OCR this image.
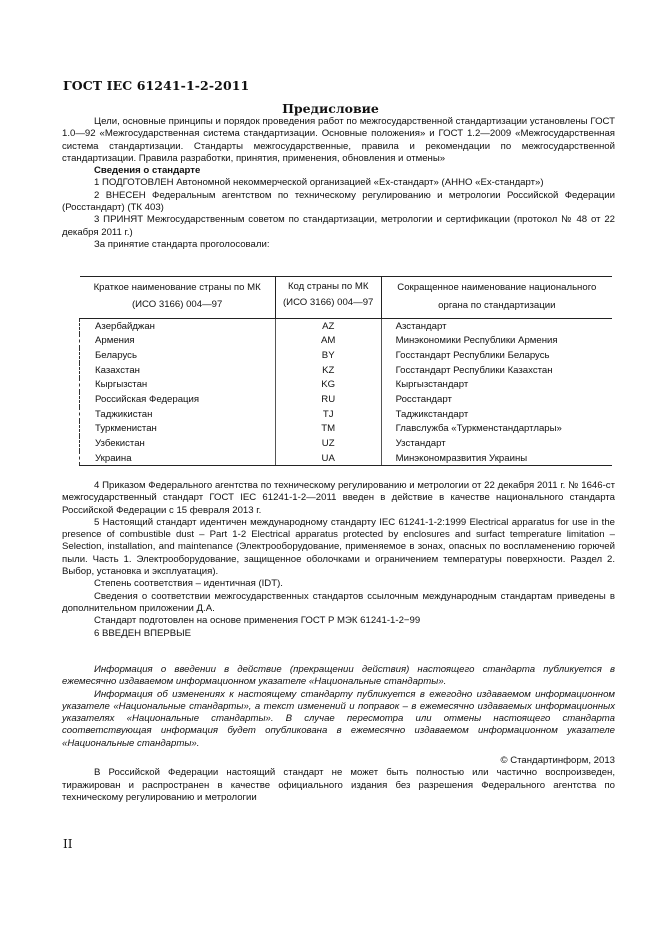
ГОСТ IEC 61241-1-2-2011
Предисловие

Цели, основные принципы и порядок проведения работ по межгосударственной стандартизации установлены ГОСТ 1.0—92 «Межгосударственная система стандартизации. Основные положения» и ГОСТ 1.2—2009 «Межгосударственная система стандартизации. Стандарты межгосударственные, правила и рекомендации по межгосударственной стандартизации. Правила разработки, принятия, применения, обновления и отмены»

Сведения о стандарте

1 ПОДГОТОВЛЕН Автономной некоммерческой организацией «Ех-стандарт» (АННО «Ех-стандарт»)

2 ВНЕСЕН Федеральным агентством по техническому регулированию и метрологии Российской Федерации (Росстандарт) (ТК 403)

3 ПРИНЯТ Межгосударственным советом по стандартизации, метрологии и сертификации (протокол № 48 от 22 декабря 2011 г.)

За принятие стандарта проголосовали:

Краткое наименование страны по МК (ИСО 3166) 004—97	Код страны по МК (ИСО 3166) 004—97	Сокращенное наименование национального органа по стандартизации
Азербайджан	AZ	Азстандарт
Армения	AM	Минэкономики Республики Армения
Беларусь	BY	Госстандарт Республики Беларусь
Казахстан	KZ	Госстандарт Республики Казахстан
Кыргызстан	KG	Кыргызстандарт
Российская Федерация	RU	Росстандарт
Таджикистан	TJ	Таджикстандарт
Туркменистан	TM	Главслужба «Туркменстандартлары»
Узбекистан	UZ	Узстандарт
Украина	UA	Минэкономразвития Украины

4 Приказом Федерального агентства по техническому регулированию и метрологии от 22 декабря 2011 г. № 1646-ст межгосударственный стандарт ГОСТ IEC 61241-1-2—2011 введен в действие в качестве национального стандарта Российской Федерации с 15 февраля 2013 г.

5 Настоящий стандарт идентичен международному стандарту IEC 61241-1-2:1999 Electrical apparatus for use in the presence of combustible dust – Part 1-2 Electrical apparatus protected by enclosures and surfact temperature limitation – Selection, installation, and maintenance (Электрооборудование, применяемое в зонах, опасных по воспламенению горючей пыли. Часть 1. Электрооборудование, защищенное оболочками и ограничением температуры поверхности. Раздел 2. Выбор, установка и эксплуатация).

Степень соответствия – идентичная (IDT).

Сведения о соответствии межгосударственных стандартов ссылочным международным стандартам приведены в дополнительном приложении Д.А.

Стандарт подготовлен на основе применения ГОСТ Р МЭК 61241-1-2−99

6 ВВЕДЕН ВПЕРВЫЕ

Информация о введении в действие (прекращении действия) настоящего стандарта публикуется в ежемесячно издаваемом информационном указателе «Национальные стандарты».

Информация об изменениях к настоящему стандарту публикуется в ежегодно издаваемом информационном указателе «Национальные стандарты», а текст изменений и поправок – в ежемесячно издаваемых информационных указателях «Национальные стандарты». В случае пересмотра или отмены настоящего стандарта соответствующая информация будет опубликована в ежемесячно издаваемом информационном указателе «Национальные стандарты».

© Стандартинформ, 2013

В Российской Федерации настоящий стандарт не может быть полностью или частично воспроизведен, тиражирован и распространен в качестве официального издания без разрешения Федерального агентства по техническому регулированию и метрологии

II
